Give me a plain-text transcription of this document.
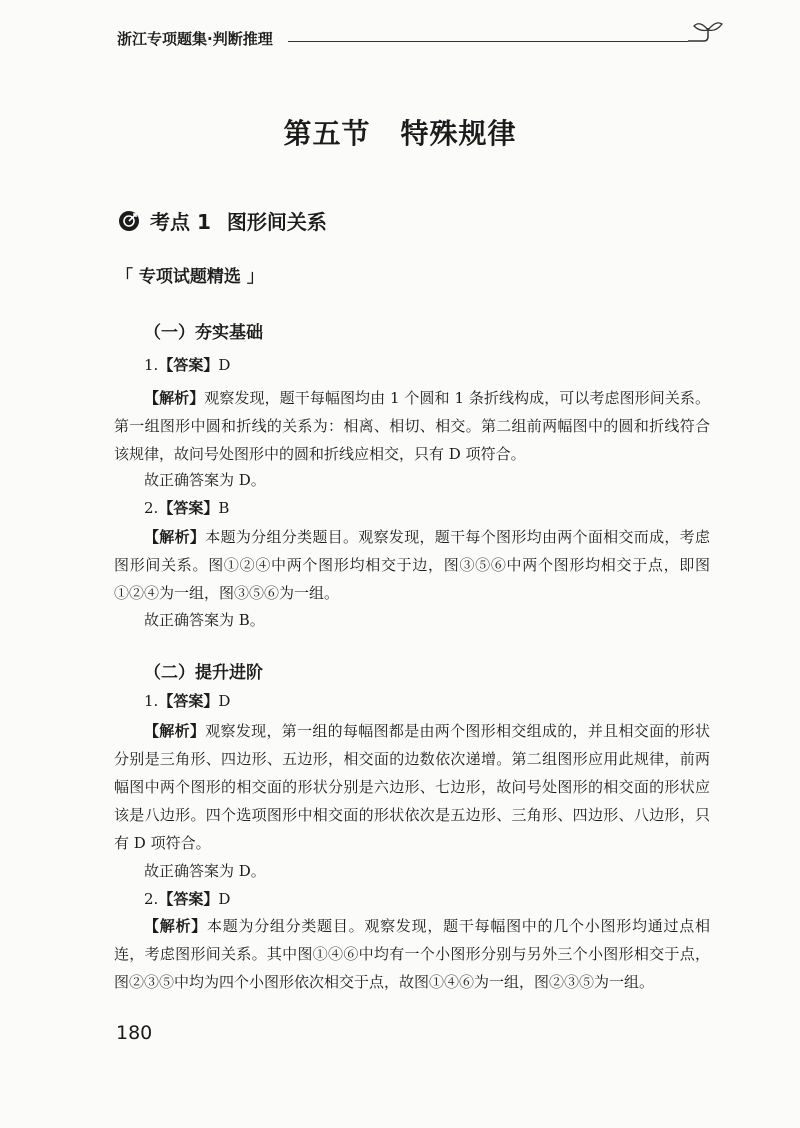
浙江专项题集·判断推理
第五节 特殊规律
考点 1 图形间关系
「 专项试题精选 」
（一）夯实基础

1.【答案】D

【解析】观察发现，题干每幅图均由 1 个圆和 1 条折线构成，可以考虑图形间关系。第一组图形中圆和折线的关系为：相离、相切、相交。第二组前两幅图中的圆和折线符合该规律，故问号处图形中的圆和折线应相交，只有 D 项符合。

故正确答案为 D。

2.【答案】B

【解析】本题为分组分类题目。观察发现，题干每个图形均由两个面相交而成，考虑图形间关系。图①②④中两个图形均相交于边，图③⑤⑥中两个图形均相交于点，即图①②④为一组，图③⑤⑥为一组。

故正确答案为 B。

（二）提升进阶

1.【答案】D

【解析】观察发现，第一组的每幅图都是由两个图形相交组成的，并且相交面的形状分别是三角形、四边形、五边形，相交面的边数依次递增。第二组图形应用此规律，前两幅图中两个图形的相交面的形状分别是六边形、七边形，故问号处图形的相交面的形状应该是八边形。四个选项图形中相交面的形状依次是五边形、三角形、四边形、八边形，只有 D 项符合。

故正确答案为 D。

2.【答案】D

【解析】本题为分组分类题目。观察发现，题干每幅图中的几个小图形均通过点相连，考虑图形间关系。其中图①④⑥中均有一个小图形分别与另外三个小图形相交于点，图②③⑤中均为四个小图形依次相交于点，故图①④⑥为一组，图②③⑤为一组。

180
